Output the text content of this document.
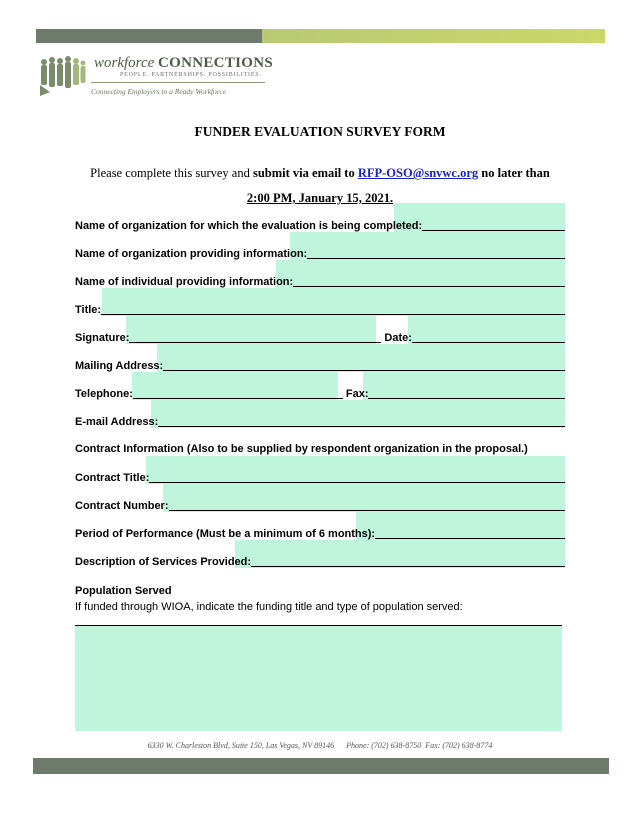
workforce CONNECTIONS
PEOPLE. PARTNERSHIPS. POSSIBILITIES.
Connecting Employers to a Ready Workforce
FUNDER EVALUATION SURVEY FORM
Please complete this survey and submit via email to RFP-OSO@snvwc.org no later than
2:00 PM, January 15, 2021.
Name of organization for which the evaluation is being completed:
Name of organization providing information:
Name of individual providing information:
Title:
Signature:	Date:
Mailing Address:
Telephone:	Fax:
E-mail Address:
Contract Information (Also to be supplied by respondent organization in the proposal.)
Contract Title:
Contract Number:
Period of Performance (Must be a minimum of 6 months):
Description of Services Provided:
Population Served
If funded through WIOA, indicate the funding title and type of population served:
6330 W. Charleston Blvd, Suite 150, Las Vegas, NV 89146 Phone: (702) 638-8750 Fax: (702) 638-8774
